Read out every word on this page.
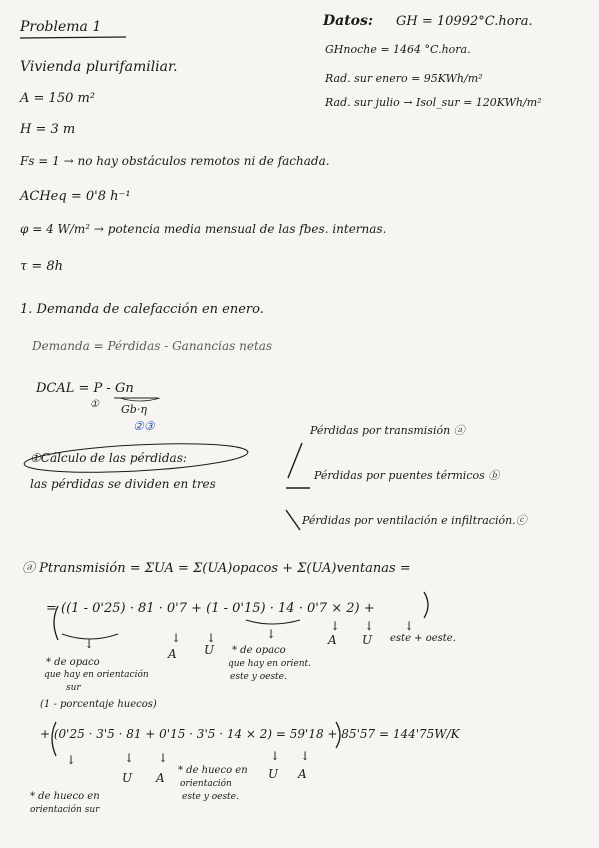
Problema 1	Datos: GH = 10992°C.hora.
GHnoche = 1464 °C.hora.
Rad. sur enero = 95KWh/m²
Rad. sur julio → Isol_sur = 120KWh/m²
Vivienda plurifamiliar.
A = 150 m²
H = 3 m
Fs = 1 → no hay obstáculos remotos ni de fachada.
ACHeq = 0'8 h⁻¹
φ = 4 W/m² → potencia media mensual de las fbes. internas.
τ = 8h
1. Demanda de calefacción en enero.
Demanda = Pérdidas - Ganancias netas
DCAL = P - Gn
Gb·η
①
②③
①Cálculo de las pérdidas:
las pérdidas se dividen en tres
Pérdidas por transmisión ⓐ
Pérdidas por puentes térmicos ⓑ
Pérdidas por ventilación e infiltración.ⓒ
ⓐ Ptransmisión = ΣUA = Σ(UA)opacos + Σ(UA)ventanas =
= ((1 - 0'25) · 81 · 0'7 + (1 - 0'15) · 14 · 0'7 × 2) +
+ (0'25 · 3'5 · 81 + 0'15 · 3'5 · 14 × 2) = 59'18 + 85'57 = 144'75W/K
↓	↓ ↓	↓
↓ ↓ ↓
A U
A U este + oeste.
* de opaco
que hay en orientación
sur
(1 - porcentaje huecos)
* de opaco
que hay en orient.
este y oeste.
↓	↓ ↓	↓ ↓
U A	U A
* de hueco en
orientación sur
* de hueco en
orientación
este y oeste.
